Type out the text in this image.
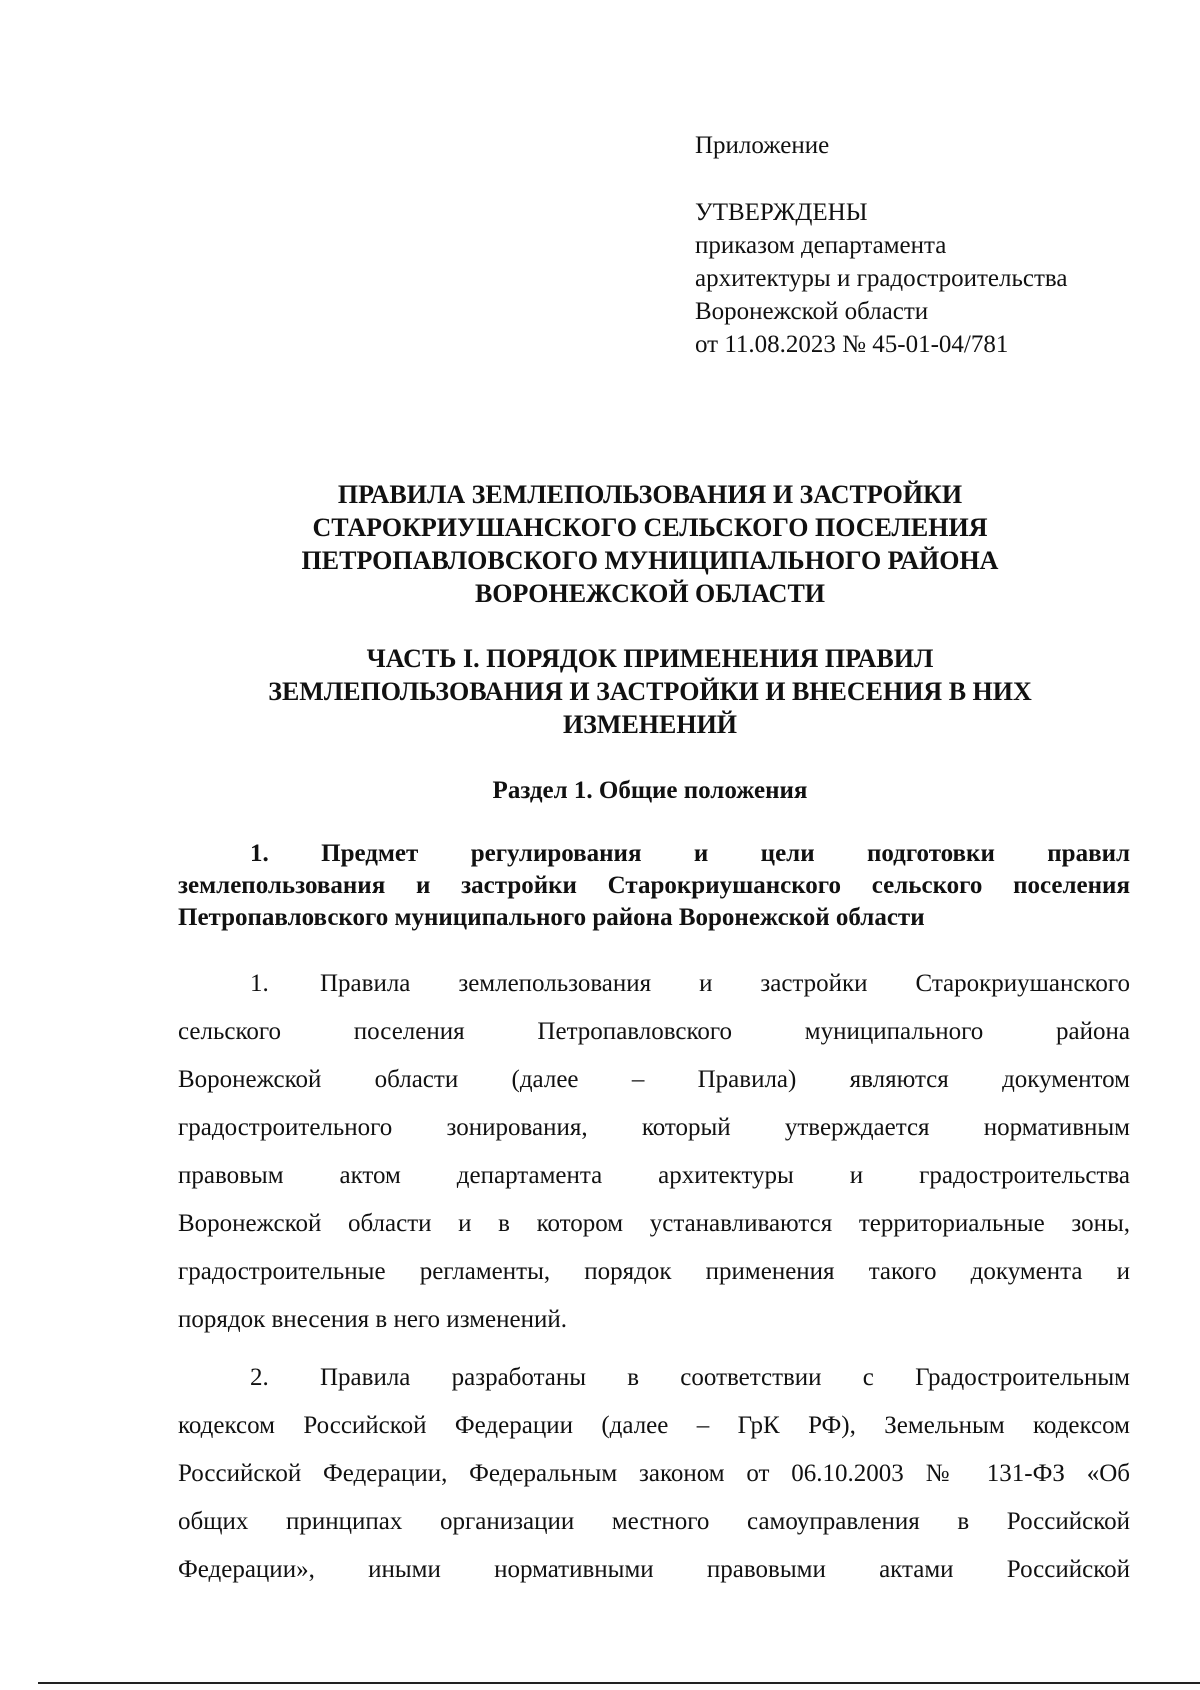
Приложение
УТВЕРЖДЕНЫ
приказом департамента
архитектуры и градостроительства
Воронежской области
от 11.08.2023 № 45-01-04/781
ПРАВИЛА ЗЕМЛЕПОЛЬЗОВАНИЯ И ЗАСТРОЙКИ
СТАРОКРИУШАНСКОГО СЕЛЬСКОГО ПОСЕЛЕНИЯ
ПЕТРОПАВЛОВСКОГО МУНИЦИПАЛЬНОГО РАЙОНА
ВОРОНЕЖСКОЙ ОБЛАСТИ
ЧАСТЬ I. ПОРЯДОК ПРИМЕНЕНИЯ ПРАВИЛ
ЗЕМЛЕПОЛЬЗОВАНИЯ И ЗАСТРОЙКИ И ВНЕСЕНИЯ В НИХ
ИЗМЕНЕНИЙ
Раздел 1. Общие положения
1. Предмет регулирования и цели подготовки правил
землепользования и застройки Старокриушанского сельского поселения
Петропавловского муниципального района Воронежской области
1. Правила землепользования и застройки Старокриушанского
сельского поселения Петропавловского муниципального района
Воронежской области (далее – Правила) являются документом
градостроительного зонирования, который утверждается нормативным
правовым актом департамента архитектуры и градостроительства
Воронежской области и в котором устанавливаются территориальные зоны,
градостроительные регламенты, порядок применения такого документа и
порядок внесения в него изменений.
2. Правила разработаны в соответствии с Градостроительным
кодексом Российской Федерации (далее – ГрК РФ), Земельным кодексом
Российской Федерации, Федеральным законом от 06.10.2003 № 131-ФЗ «Об
общих принципах организации местного самоуправления в Российской
Федерации», иными нормативными правовыми актами Российской
